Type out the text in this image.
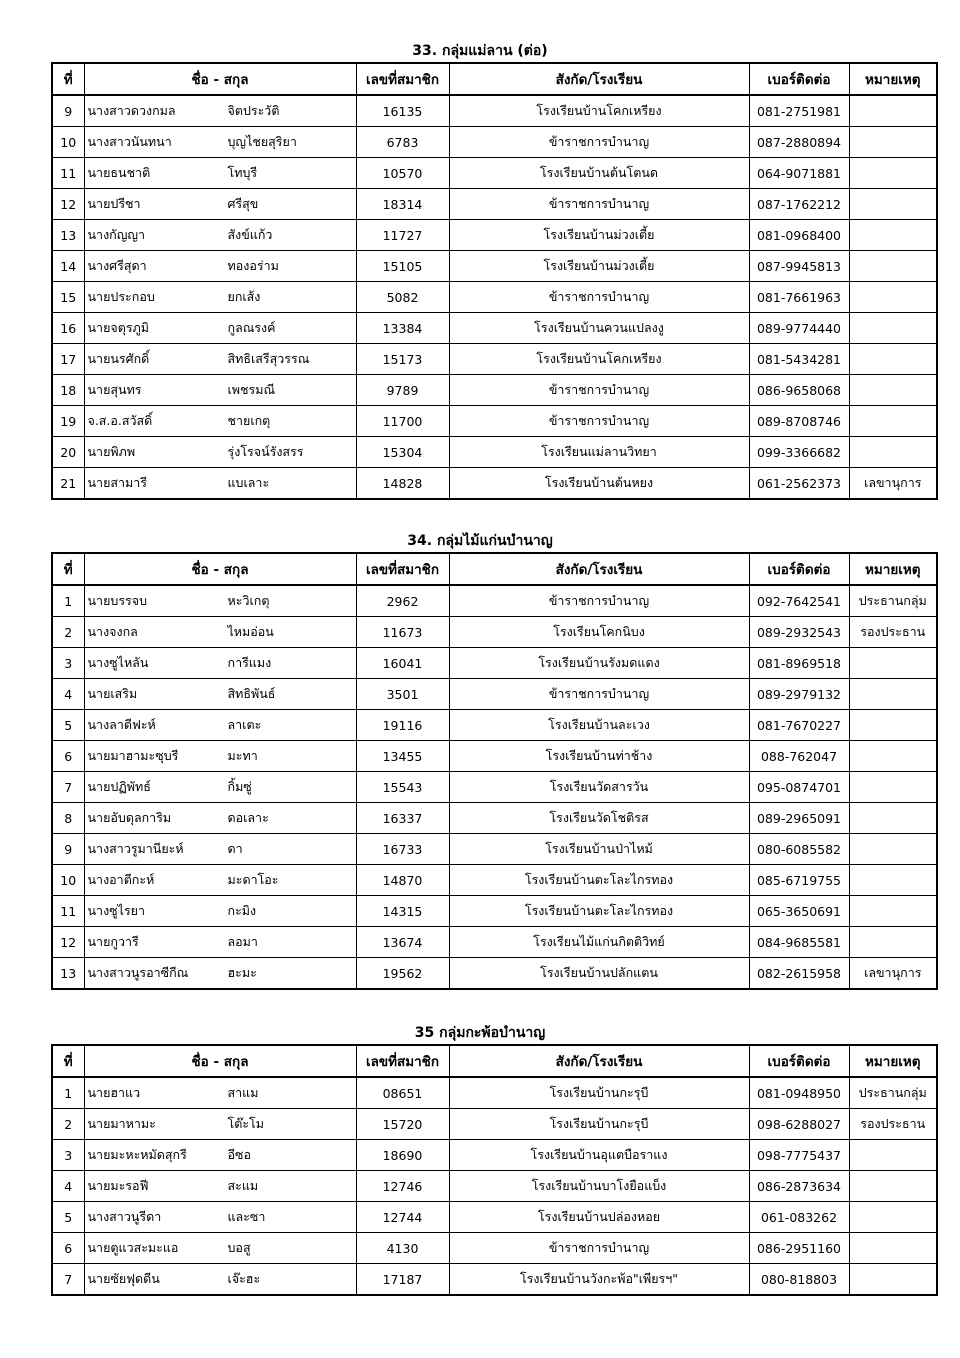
33. กลุ่มแม่ลาน (ต่อ)
ที่	ชื่อ - สกุล	เลขที่สมาชิก	สังกัด/โรงเรียน	เบอร์ติดต่อ	หมายเหตุ
9	นางสาวดวงกมล จิตประวัติ	16135	โรงเรียนบ้านโคกเหรียง	081-2751981	
10	นางสาวนันทนา บุญไชยสุริยา	6783	ข้าราชการบำนาญ	087-2880894	
11	นายธนชาติ โทบุรี	10570	โรงเรียนบ้านต้นโตนด	064-9071881	
12	นายปรีชา ศรีสุข	18314	ข้าราชการบำนาญ	087-1762212	
13	นางกัญญา สังข์แก้ว	11727	โรงเรียนบ้านม่วงเตี้ย	081-0968400	
14	นางศรีสุดา ทองอร่าม	15105	โรงเรียนบ้านม่วงเตี้ย	087-9945813	
15	นายประกอบ ยกเส้ง	5082	ข้าราชการบำนาญ	081-7661963	
16	นายจตุรภูมิ กูลณรงค์	13384	โรงเรียนบ้านควนแปลงงู	089-9774440	
17	นายนรศักดิ์ สิทธิเสรีสุวรรณ	15173	โรงเรียนบ้านโคกเหรียง	081-5434281	
18	นายสุนทร เพชรมณี	9789	ข้าราชการบำนาญ	086-9658068	
19	จ.ส.อ.สวัสดิ์ ชายเกตุ	11700	ข้าราชการบำนาญ	089-8708746	
20	นายพิภพ รุ่งโรจน์รังสรร	15304	โรงเรียนแม่ลานวิทยา	099-3366682	
21	นายสามารี แบเลาะ	14828	โรงเรียนบ้านต้นหยง	061-2562373	เลขานุการ
34. กลุ่มไม้แก่นบำนาญ
ที่	ชื่อ - สกุล	เลขที่สมาชิก	สังกัด/โรงเรียน	เบอร์ติดต่อ	หมายเหตุ
1	นายบรรจบ หะวิเกตุ	2962	ข้าราชการบำนาญ	092-7642541	ประธานกลุ่ม
2	นางจงกล ไหมอ่อน	11673	โรงเรียนโคกนิบง	089-2932543	รองประธาน
3	นางซูไหลัน การีแมง	16041	โรงเรียนบ้านรังมดแดง	081-8969518	
4	นายเสริม สิทธิพันธ์	3501	ข้าราชการบำนาญ	089-2979132	
5	นางลาตีฟะห์ ลาเตะ	19116	โรงเรียนบ้านละเวง	081-7670227	
6	นายมาฮามะซุบรี มะทา	13455	โรงเรียนบ้านท่าช้าง	088-762047	
7	นายปฏิพัทธ์ กิ้มซู่	15543	โรงเรียนวัดสารวัน	095-0874701	
8	นายอับดุลการิม ดอเลาะ	16337	โรงเรียนวัดโชติรส	089-2965091	
9	นางสาวรูมานียะห์ ดา	16733	โรงเรียนบ้านป่าไหม้	080-6085582	
10	นางอาตีกะห์ มะดาโอะ	14870	โรงเรียนบ้านตะโละไกรทอง	085-6719755	
11	นางซูไรยา กะมิง	14315	โรงเรียนบ้านตะโละไกรทอง	065-3650691	
12	นายกูวารี ลอมา	13674	โรงเรียนไม้แก่นกิตติวิทย์	084-9685581	
13	นางสาวนูรอาซีกีณ ฮะมะ	19562	โรงเรียนบ้านปลักแตน	082-2615958	เลขานุการ
35 กลุ่มกะพ้อบำนาญ
ที่	ชื่อ - สกุล	เลขที่สมาชิก	สังกัด/โรงเรียน	เบอร์ติดต่อ	หมายเหตุ
1	นายฮาแว สาแม	08651	โรงเรียนบ้านกะรุบี	081-0948950	ประธานกลุ่ม
2	นายมาหามะ โต๊ะโม	15720	โรงเรียนบ้านกะรุบี	098-6288027	รองประธาน
3	นายมะหะหมัดสุกรี อีซอ	18690	โรงเรียนบ้านอุแตบือราแง	098-7775437	
4	นายมะรอฟี สะแม	12746	โรงเรียนบ้านบาโงยือแบ็ง	086-2873634	
5	นางสาวนูรีดา และซา	12744	โรงเรียนบ้านปล่องหอย	061-083262	
6	นายตูแวสะมะแอ บอสู	4130	ข้าราชการบำนาญ	086-2951160	
7	นายซัยฟุดดีน เจ๊ะฮะ	17187	โรงเรียนบ้านวังกะพ้อ"เพียรฯ"	080-818803	
